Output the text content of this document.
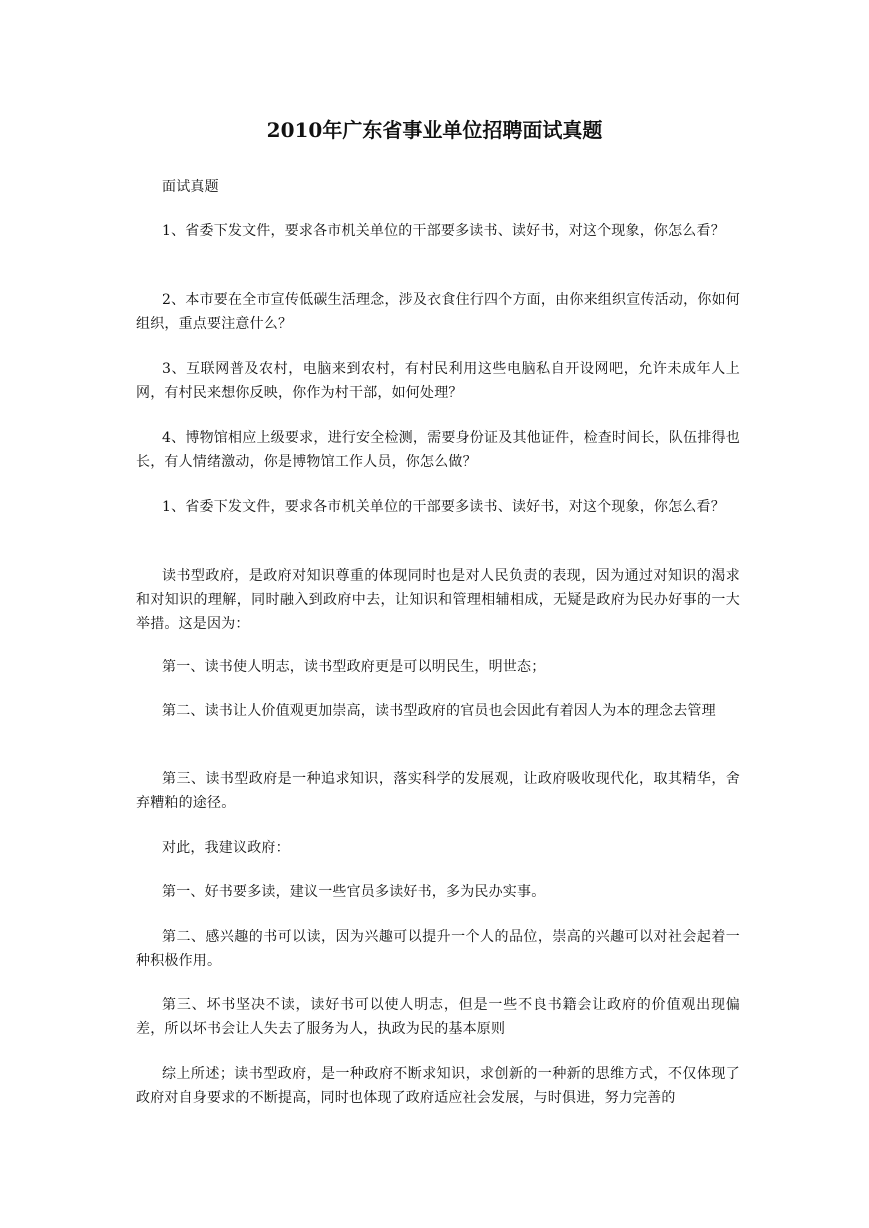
2010年广东省事业单位招聘面试真题

面试真题

1、省委下发文件，要求各市机关单位的干部要多读书、读好书，对这个现象，你怎么看？

2、本市要在全市宣传低碳生活理念，涉及衣食住行四个方面，由你来组织宣传活动，你如何组织，重点要注意什么？

3、互联网普及农村，电脑来到农村，有村民利用这些电脑私自开设网吧，允许未成年人上网，有村民来想你反映，你作为村干部，如何处理？

4、博物馆相应上级要求，进行安全检测，需要身份证及其他证件，检查时间长，队伍排得也长，有人情绪激动，你是博物馆工作人员，你怎么做？

1、省委下发文件，要求各市机关单位的干部要多读书、读好书，对这个现象，你怎么看？

读书型政府，是政府对知识尊重的体现同时也是对人民负责的表现，因为通过对知识的渴求和对知识的理解，同时融入到政府中去，让知识和管理相辅相成，无疑是政府为民办好事的一大举措。这是因为：

第一、读书使人明志，读书型政府更是可以明民生，明世态；

第二、读书让人价值观更加崇高，读书型政府的官员也会因此有着因人为本的理念去管理

第三、读书型政府是一种追求知识，落实科学的发展观，让政府吸收现代化，取其精华，舍弃糟粕的途径。

对此，我建议政府：

第一、好书要多读，建议一些官员多读好书，多为民办实事。

第二、感兴趣的书可以读，因为兴趣可以提升一个人的品位，崇高的兴趣可以对社会起着一种积极作用。

第三、坏书坚决不读，读好书可以使人明志，但是一些不良书籍会让政府的价值观出现偏差，所以坏书会让人失去了服务为人，执政为民的基本原则

综上所述；读书型政府，是一种政府不断求知识，求创新的一种新的思维方式，不仅体现了政府对自身要求的不断提高，同时也体现了政府适应社会发展，与时俱进，努力完善的
